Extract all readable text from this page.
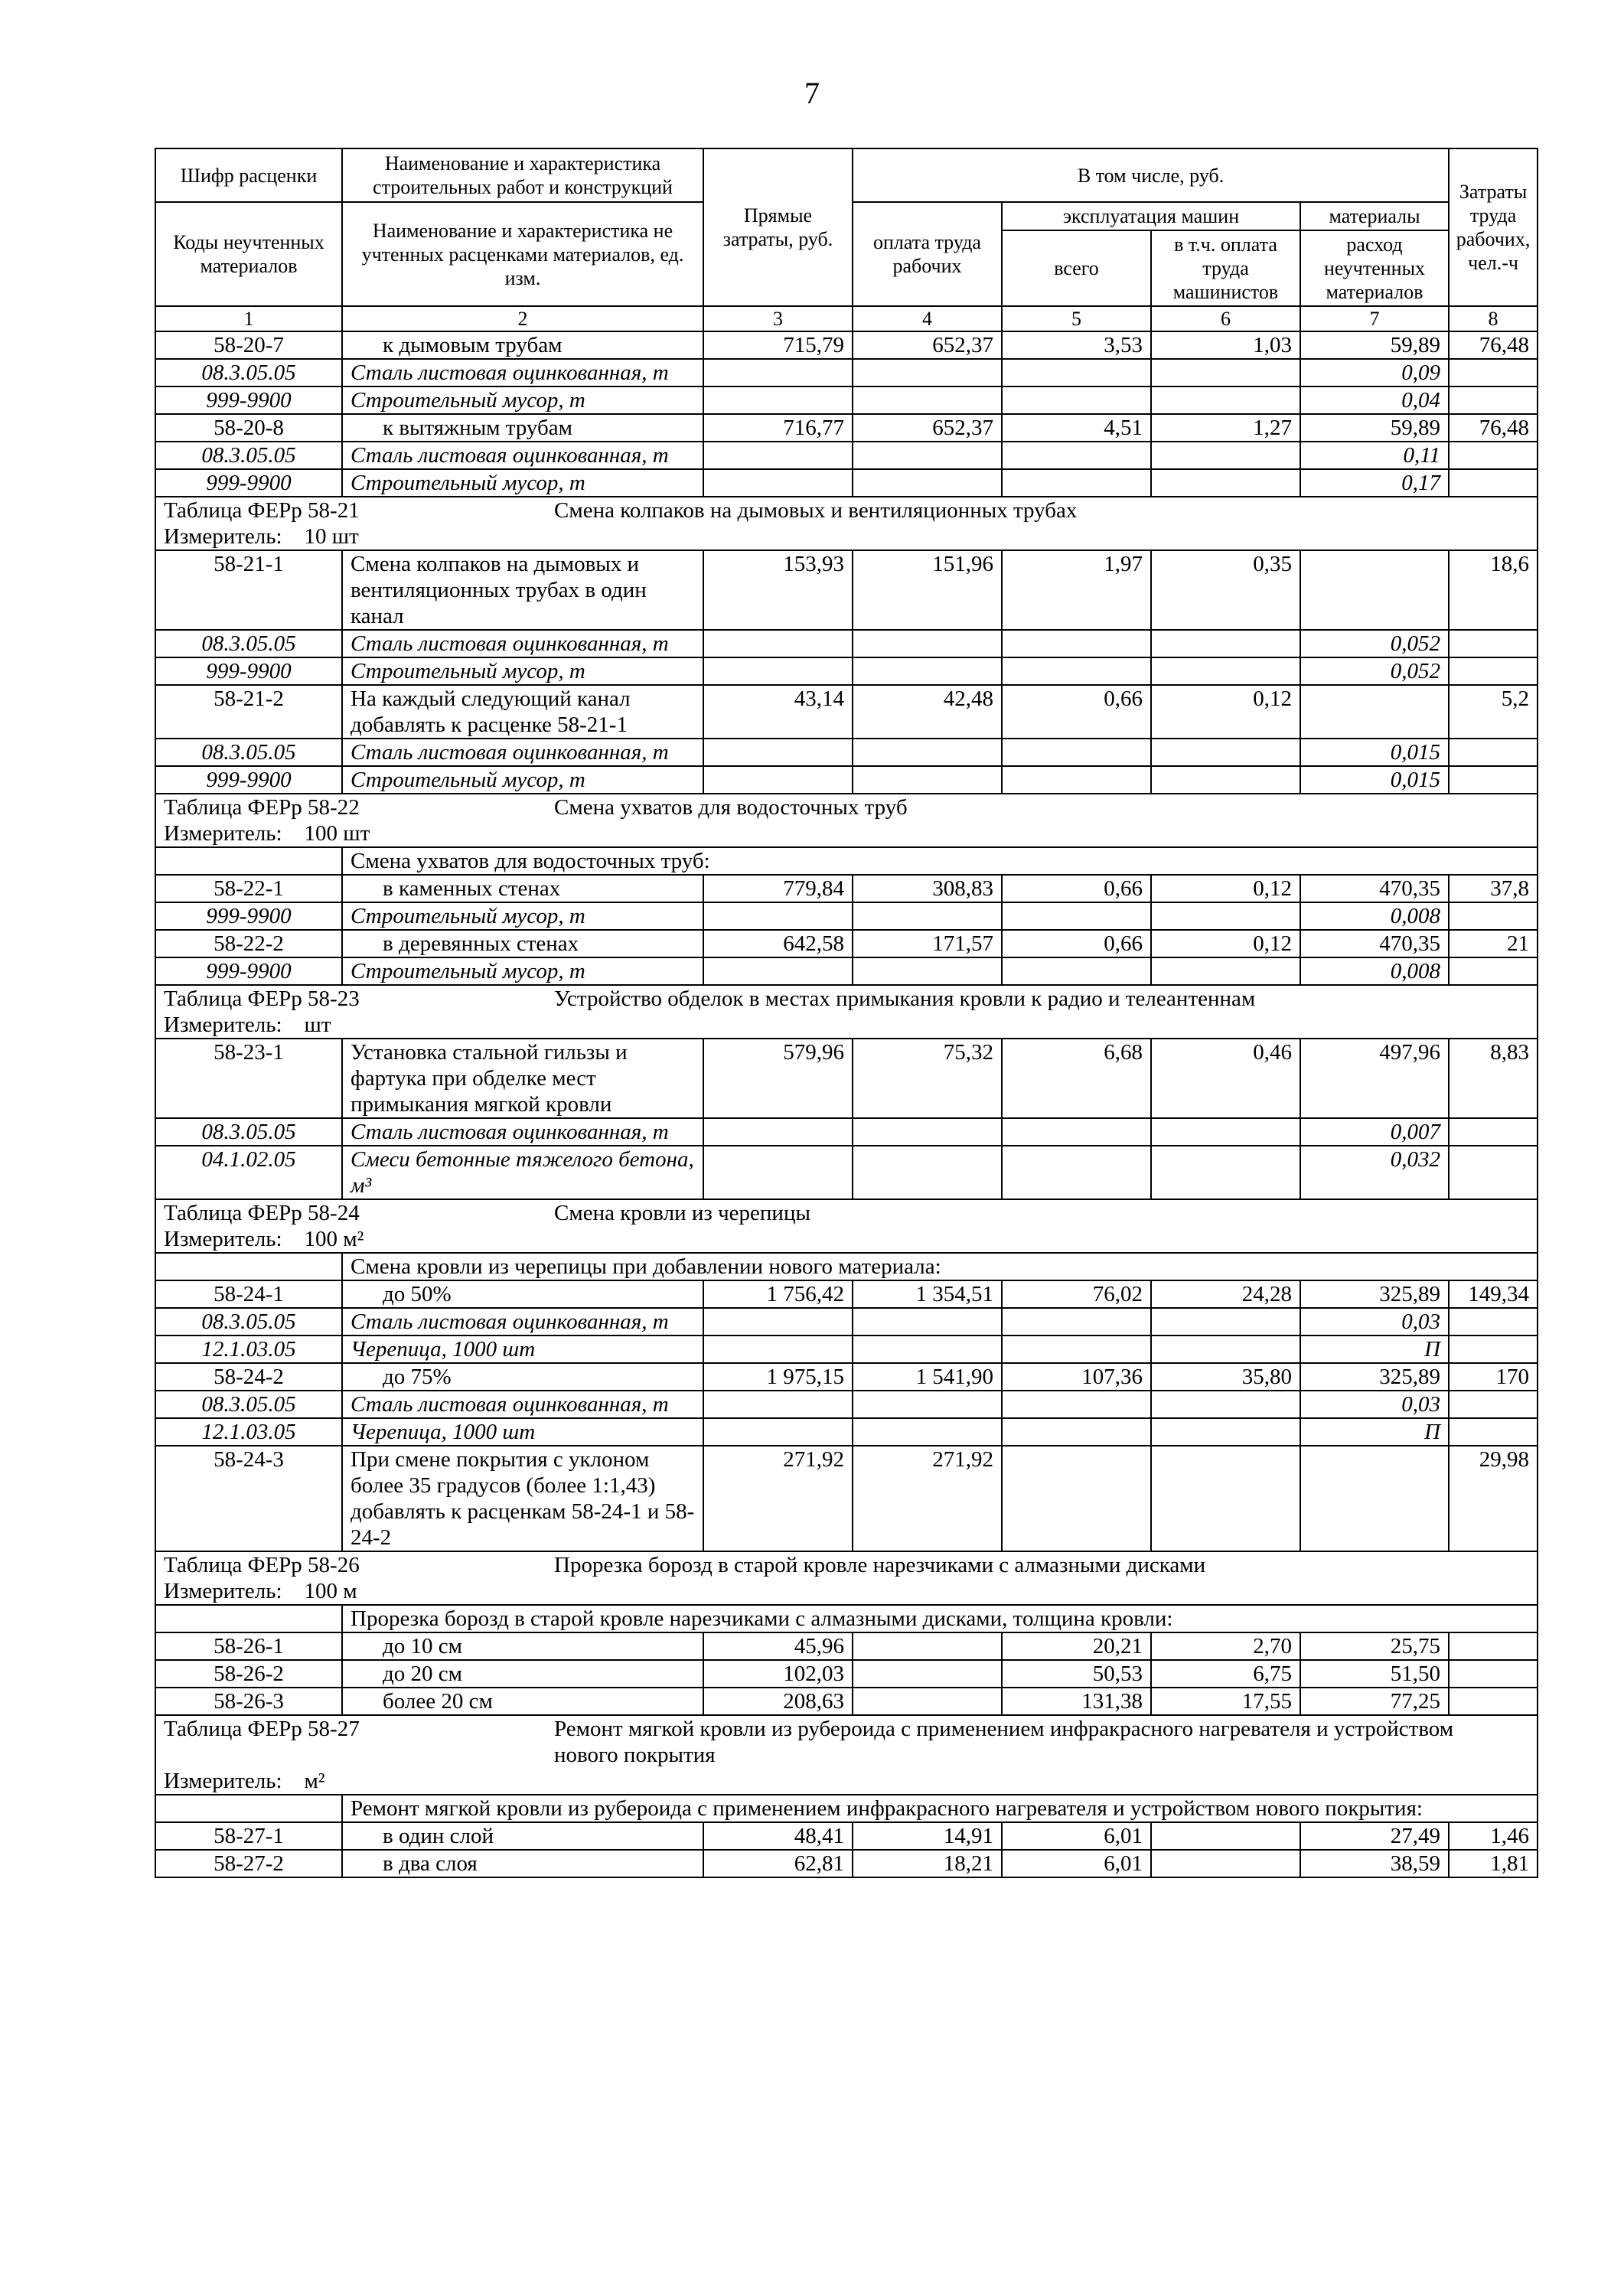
7
Шифр расценки	Наименование и характеристика строительных работ и конструкций	Прямые затраты, руб.	В том числе, руб.				Затраты труда рабочих, чел.-ч
Коды неучтенных материалов	Наименование и характеристика не учтенных расценками материалов, ед. изм.		оплата труда рабочих	эксплуатация машин		материалы	
				всего	в т.ч. оплата труда машинистов	расход неучтенных материалов	
1	2	3	4	5	6	7	8
58-20-7	к дымовым трубам	715,79	652,37	3,53	1,03	59,89	76,48
08.3.05.05	Сталь листовая оцинкованная, т					0,09	
999-9900	Строительный мусор, т					0,04	
58-20-8	к вытяжным трубам	716,77	652,37	4,51	1,27	59,89	76,48
08.3.05.05	Сталь листовая оцинкованная, т					0,11	
999-9900	Строительный мусор, т					0,17	
Таблица ФЕРр 58-21 Смена колпаков на дымовых и вентиляционных трубах							
Измеритель:    10 шт							
58-21-1	Смена колпаков на дымовых и вентиляционных трубах в один канал	153,93	151,96	1,97	0,35		18,6
08.3.05.05	Сталь листовая оцинкованная, т					0,052	
999-9900	Строительный мусор, т					0,052	
58-21-2	На каждый следующий канал добавлять к расценке 58-21-1	43,14	42,48	0,66	0,12		5,2
08.3.05.05	Сталь листовая оцинкованная, т					0,015	
999-9900	Строительный мусор, т					0,015	
Таблица ФЕРр 58-22 Смена ухватов для водосточных труб							
Измеритель:    100 шт							
	Смена ухватов для водосточных труб:						
58-22-1	в каменных стенах	779,84	308,83	0,66	0,12	470,35	37,8
999-9900	Строительный мусор, т					0,008	
58-22-2	в деревянных стенах	642,58	171,57	0,66	0,12	470,35	21
999-9900	Строительный мусор, т					0,008	
Таблица ФЕРр 58-23 Устройство обделок в местах примыкания кровли к радио и телеантеннам							
Измеритель:    шт							
58-23-1	Установка стальной гильзы и фартука при обделке мест примыкания мягкой кровли	579,96	75,32	6,68	0,46	497,96	8,83
08.3.05.05	Сталь листовая оцинкованная, т					0,007	
04.1.02.05	Смеси бетонные тяжелого бетона, м³					0,032	
Таблица ФЕРр 58-24 Смена кровли из черепицы							
Измеритель:    100 м²							
	Смена кровли из черепицы при добавлении нового материала:						
58-24-1	до 50%	1 756,42	1 354,51	76,02	24,28	325,89	149,34
08.3.05.05	Сталь листовая оцинкованная, т					0,03	
12.1.03.05	Черепица, 1000 шт					П	
58-24-2	до 75%	1 975,15	1 541,90	107,36	35,80	325,89	170
08.3.05.05	Сталь листовая оцинкованная, т					0,03	
12.1.03.05	Черепица, 1000 шт					П	
58-24-3	При смене покрытия с уклоном более 35 градусов (более 1:1,43) добавлять к расценкам 58-24-1 и 58-24-2	271,92	271,92				29,98
Таблица ФЕРр 58-26 Прорезка борозд в старой кровле нарезчиками с алмазными дисками							
Измеритель:    100 м							
	Прорезка борозд в старой кровле нарезчиками с алмазными дисками, толщина кровли:						
58-26-1	до 10 см	45,96		20,21	2,70	25,75	
58-26-2	до 20 см	102,03		50,53	6,75	51,50	
58-26-3	более 20 см	208,63		131,38	17,55	77,25	
Таблица ФЕРр 58-27 Ремонт мягкой кровли из рубероида с применением инфракрасного нагревателя и устройством нового покрытия							
Измеритель:    м²							
	Ремонт мягкой кровли из рубероида с применением инфракрасного нагревателя и устройством нового покрытия:						
58-27-1	в один слой	48,41	14,91	6,01		27,49	1,46
58-27-2	в два слоя	62,81	18,21	6,01		38,59	1,81
